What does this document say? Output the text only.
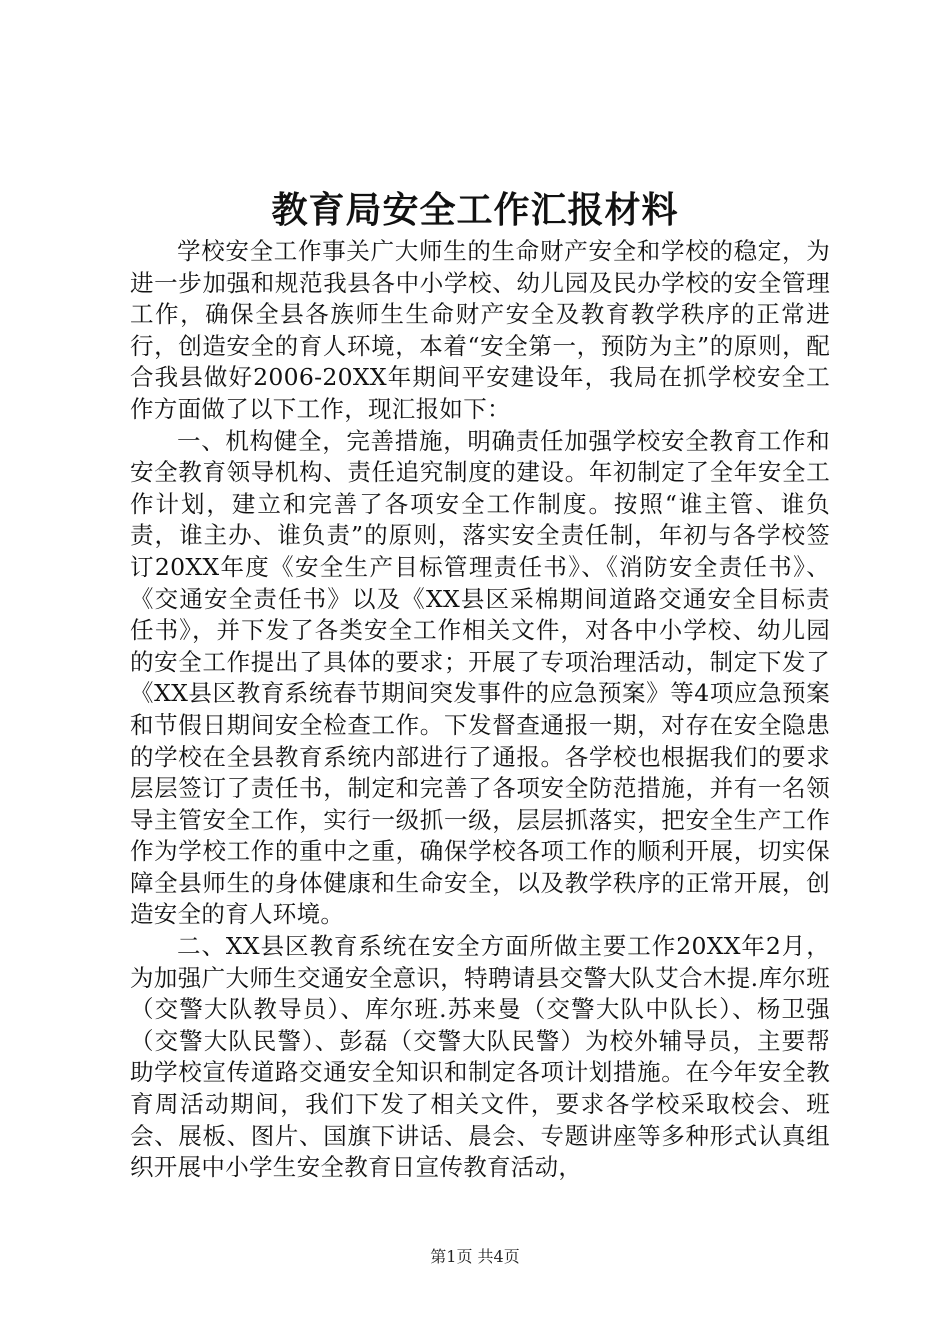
教育局安全工作汇报材料

学校安全工作事关广大师生的生命财产安全和学校的稳定，为进一步加强和规范我县各中小学校、幼儿园及民办学校的安全管理工作，确保全县各族师生生命财产安全及教育教学秩序的正常进行，创造安全的育人环境，本着“安全第一，预防为主”的原则，配合我县做好2006-20XX年期间平安建设年，我局在抓学校安全工作方面做了以下工作，现汇报如下：

一、机构健全，完善措施，明确责任加强学校安全教育工作和安全教育领导机构、责任追究制度的建设。年初制定了全年安全工作计划，建立和完善了各项安全工作制度。按照“谁主管、谁负责，谁主办、谁负责”的原则，落实安全责任制，年初与各学校签订20XX年度《安全生产目标管理责任书》、《消防安全责任书》、《交通安全责任书》以及《XX县区采棉期间道路交通安全目标责任书》，并下发了各类安全工作相关文件，对各中小学校、幼儿园的安全工作提出了具体的要求；开展了专项治理活动，制定下发了《XX县区教育系统春节期间突发事件的应急预案》等4项应急预案和节假日期间安全检查工作。下发督查通报一期，对存在安全隐患的学校在全县教育系统内部进行了通报。各学校也根据我们的要求层层签订了责任书，制定和完善了各项安全防范措施，并有一名领导主管安全工作，实行一级抓一级，层层抓落实，把安全生产工作作为学校工作的重中之重，确保学校各项工作的顺利开展，切实保障全县师生的身体健康和生命安全，以及教学秩序的正常开展，创造安全的育人环境。

二、XX县区教育系统在安全方面所做主要工作20XX年2月，为加强广大师生交通安全意识，特聘请县交警大队艾合木提.库尔班（交警大队教导员）、库尔班.苏来曼（交警大队中队长）、杨卫强（交警大队民警）、彭磊（交警大队民警）为校外辅导员，主要帮助学校宣传道路交通安全知识和制定各项计划措施。在今年安全教育周活动期间，我们下发了相关文件，要求各学校采取校会、班会、展板、图片、国旗下讲话、晨会、专题讲座等多种形式认真组织开展中小学生安全教育日宣传教育活动，

第1页 共4页
